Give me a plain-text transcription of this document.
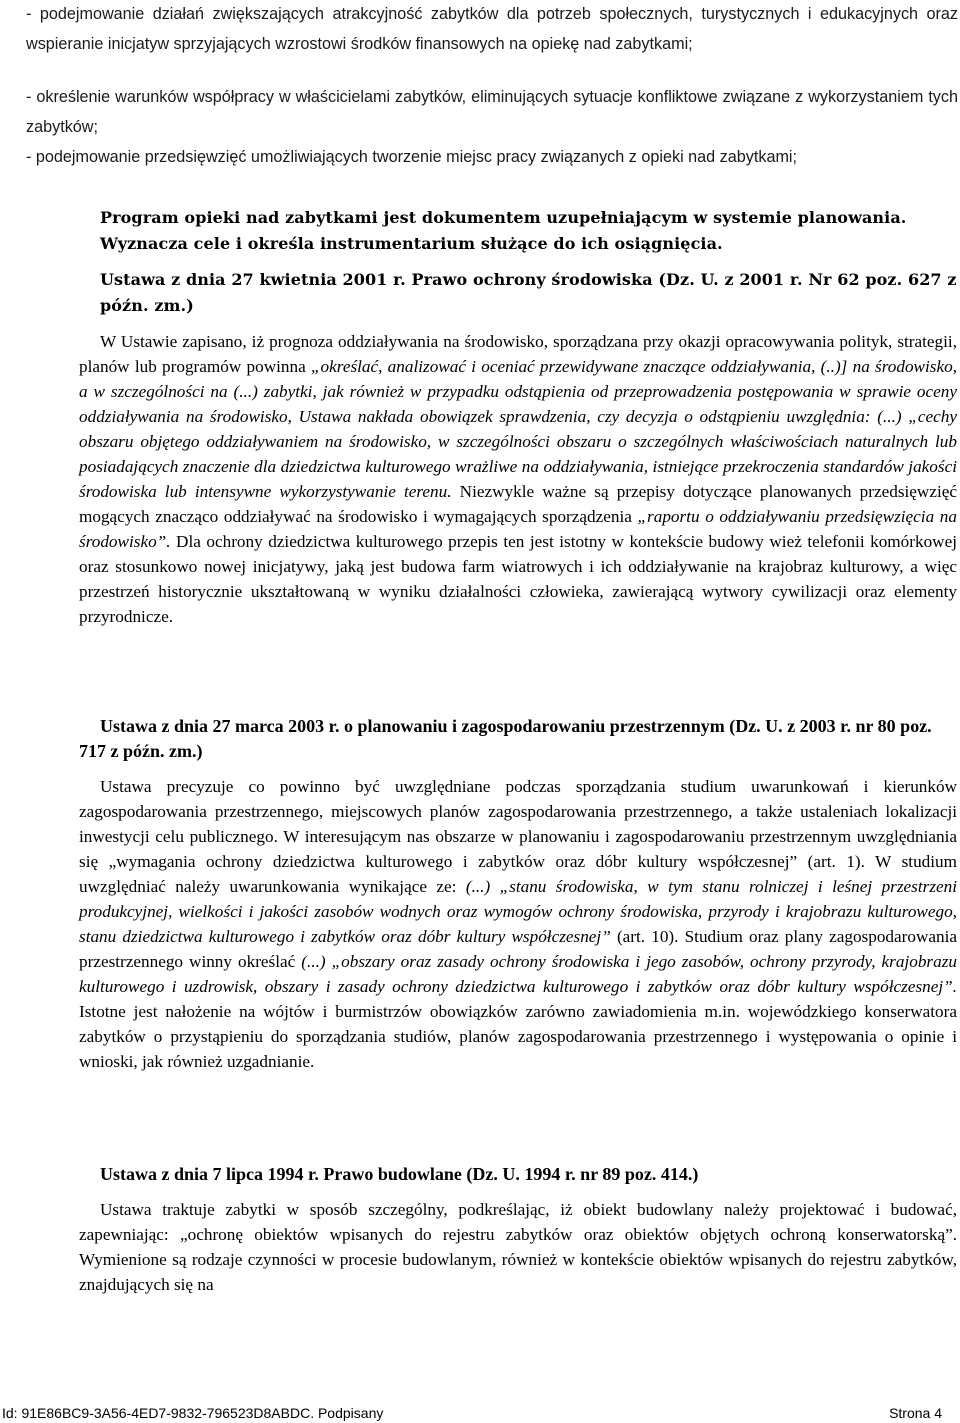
- podejmowanie działań zwiększających atrakcyjność zabytków dla potrzeb społecznych, turystycznych i edukacyjnych oraz wspieranie inicjatyw sprzyjających wzrostowi środków finansowych na opiekę nad zabytkami;
- określenie warunków współpracy w właścicielami zabytków, eliminujących sytuacje konfliktowe związane z wykorzystaniem tych zabytków;
- podejmowanie przedsięwzięć umożliwiających tworzenie miejsc pracy związanych z opieki nad zabytkami;
Program opieki nad zabytkami jest dokumentem uzupełniającym w systemie planowania. Wyznacza cele i określa instrumentarium służące do ich osiągnięcia.
Ustawa z dnia 27 kwietnia 2001 r. Prawo ochrony środowiska (Dz. U. z 2001 r. Nr 62 poz. 627 z późn. zm.)

W Ustawie zapisano, iż prognoza oddziaływania na środowisko, sporządzana przy okazji opracowywania polityk, strategii, planów lub programów powinna „określać, analizować i oceniać przewidywane znaczące oddziaływania, (..)] na środowisko, a w szczególności na (...) zabytki, jak również w przypadku odstąpienia od przeprowadzenia postępowania w sprawie oceny oddziaływania na środowisko, Ustawa nakłada obowiązek sprawdzenia, czy decyzja o odstąpieniu uwzględnia: (...) „cechy obszaru objętego oddziaływaniem na środowisko, w szczególności obszaru o szczególnych właściwościach naturalnych lub posiadających znaczenie dla dziedzictwa kulturowego wrażliwe na oddziaływania, istniejące przekroczenia standardów jakości środowiska lub intensywne wykorzystywanie terenu. Niezwykle ważne są przepisy dotyczące planowanych przedsięwzięć mogących znacząco oddziaływać na środowisko i wymagających sporządzenia „raportu o oddziaływaniu przedsięwzięcia na środowisko”. Dla ochrony dziedzictwa kulturowego przepis ten jest istotny w kontekście budowy wież telefonii komórkowej oraz stosunkowo nowej inicjatywy, jaką jest budowa farm wiatrowych i ich oddziaływanie na krajobraz kulturowy, a więc przestrzeń historycznie ukształtowaną w wyniku działalności człowieka, zawierającą wytwory cywilizacji oraz elementy przyrodnicze.

Ustawa z dnia 27 marca 2003 r. o planowaniu i zagospodarowaniu przestrzennym (Dz. U. z 2003 r. nr 80 poz. 717 z późn. zm.)

Ustawa precyzuje co powinno być uwzględniane podczas sporządzania studium uwarunkowań i kierunków zagospodarowania przestrzennego, miejscowych planów zagospodarowania przestrzennego, a także ustaleniach lokalizacji inwestycji celu publicznego. W interesującym nas obszarze w planowaniu i zagospodarowaniu przestrzennym uwzględniania się „wymagania ochrony dziedzictwa kulturowego i zabytków oraz dóbr kultury współczesnej” (art. 1). W studium uwzględniać należy uwarunkowania wynikające ze: (...) „stanu środowiska, w tym stanu rolniczej i leśnej przestrzeni produkcyjnej, wielkości i jakości zasobów wodnych oraz wymogów ochrony środowiska, przyrody i krajobrazu kulturowego, stanu dziedzictwa kulturowego i zabytków oraz dóbr kultury współczesnej” (art. 10). Studium oraz plany zagospodarowania przestrzennego winny określać (...) „obszary oraz zasady ochrony środowiska i jego zasobów, ochrony przyrody, krajobrazu kulturowego i uzdrowisk, obszary i zasady ochrony dziedzictwa kulturowego i zabytków oraz dóbr kultury współczesnej”. Istotne jest nałożenie na wójtów i burmistrzów obowiązków zarówno zawiadomienia m.in. wojewódzkiego konserwatora zabytków o przystąpieniu do sporządzania studiów, planów zagospodarowania przestrzennego i występowania o opinie i wnioski, jak również uzgadnianie.

Ustawa z dnia 7 lipca 1994 r. Prawo budowlane (Dz. U. 1994 r. nr 89 poz. 414.)

Ustawa traktuje zabytki w sposób szczególny, podkreślając, iż obiekt budowlany należy projektować i budować, zapewniając: „ochronę obiektów wpisanych do rejestru zabytków oraz obiektów objętych ochroną konserwatorską”. Wymienione są rodzaje czynności w procesie budowlanym, również w kontekście obiektów wpisanych do rejestru zabytków, znajdujących się na

Id: 91E86BC9-3A56-4ED7-9832-796523D8ABDC. Podpisany	Strona 4
